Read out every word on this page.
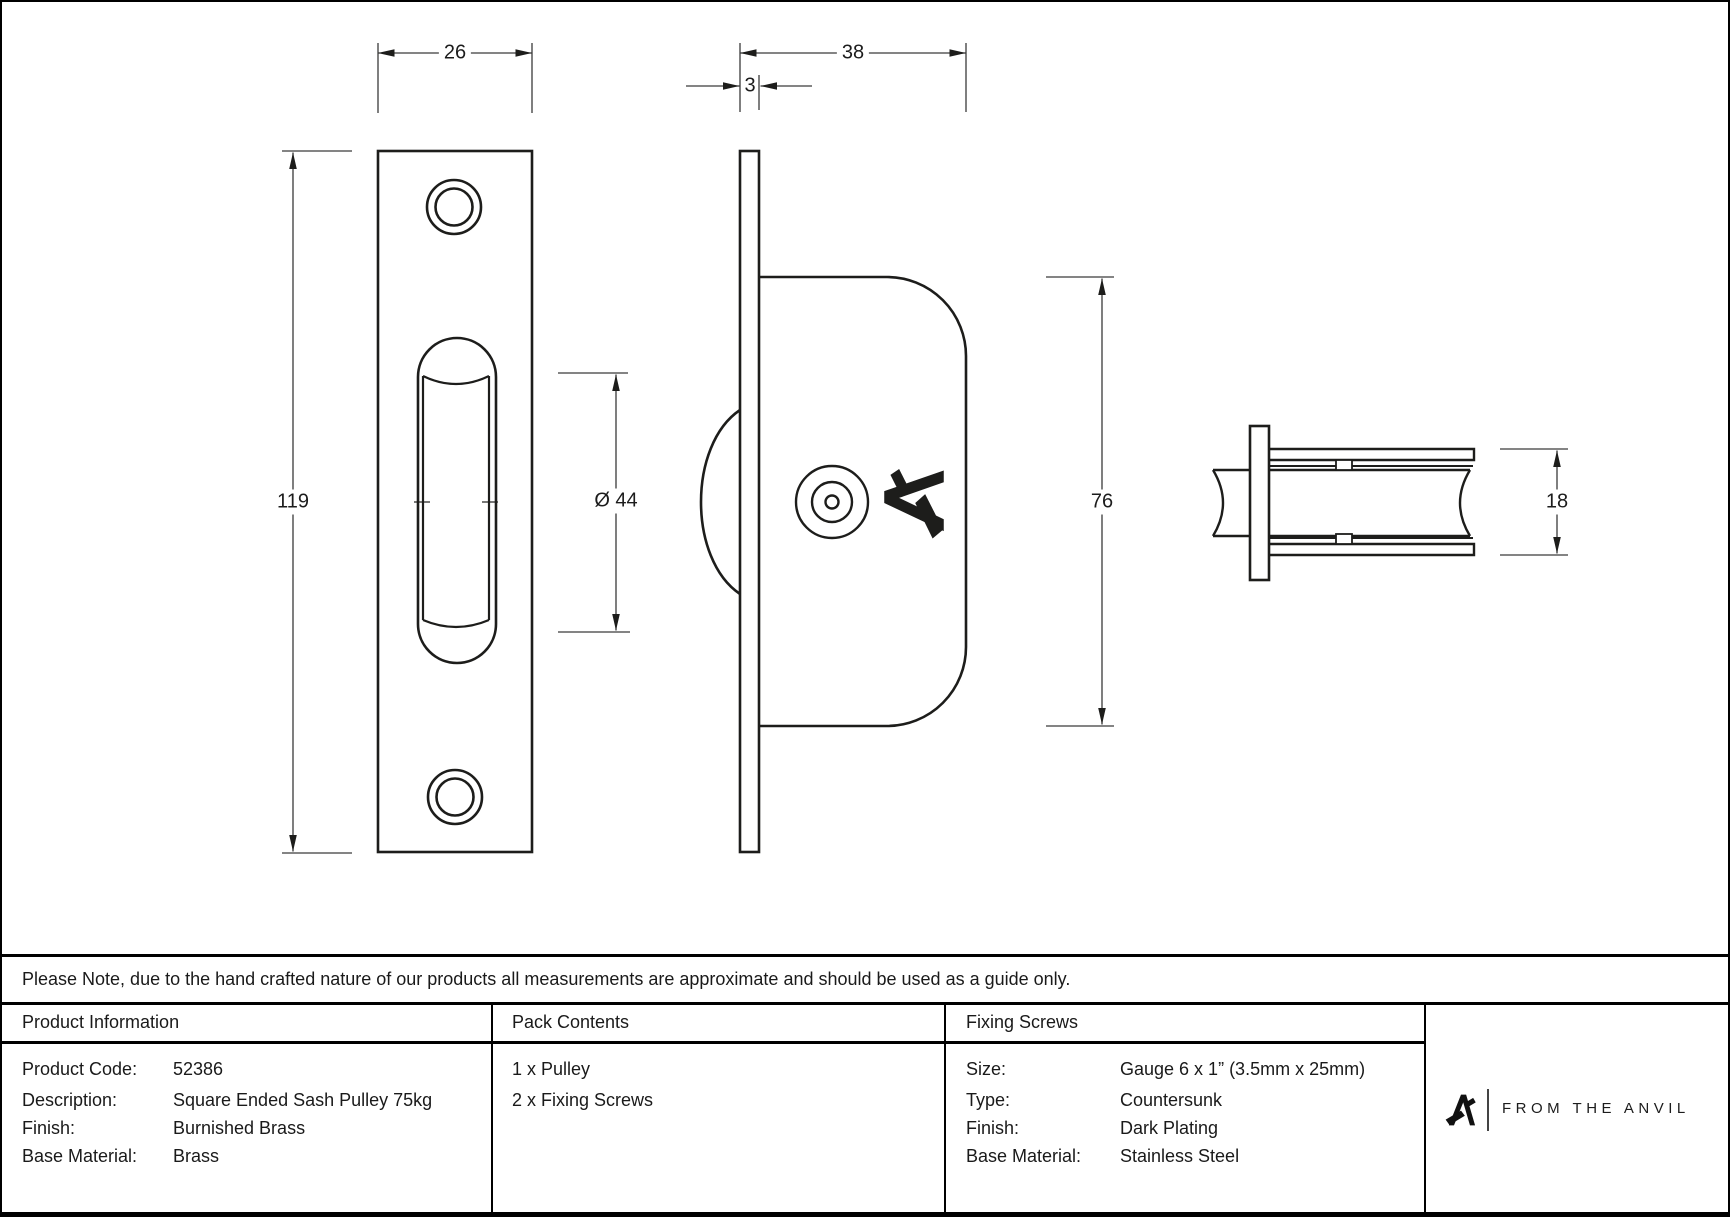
26
119	Ø 44
3
38
76	18
Please Note, due to the hand crafted nature of our products all measurements are approximate and should be used as a guide only.
Product Information	Pack Contents	Fixing Screws
Product Code: 52386
Description:	Square Ended Sash Pulley 75kg
Finish:	Burnished Brass
Base Material: Brass
1 x Pulley
2 x Fixing Screws
Size:	Gauge 6 x 1” (3.5mm x 25mm)
Type:	Countersunk
Finish:	Dark Plating
Base Material: Stainless Steel
FROM THE ANVIL
